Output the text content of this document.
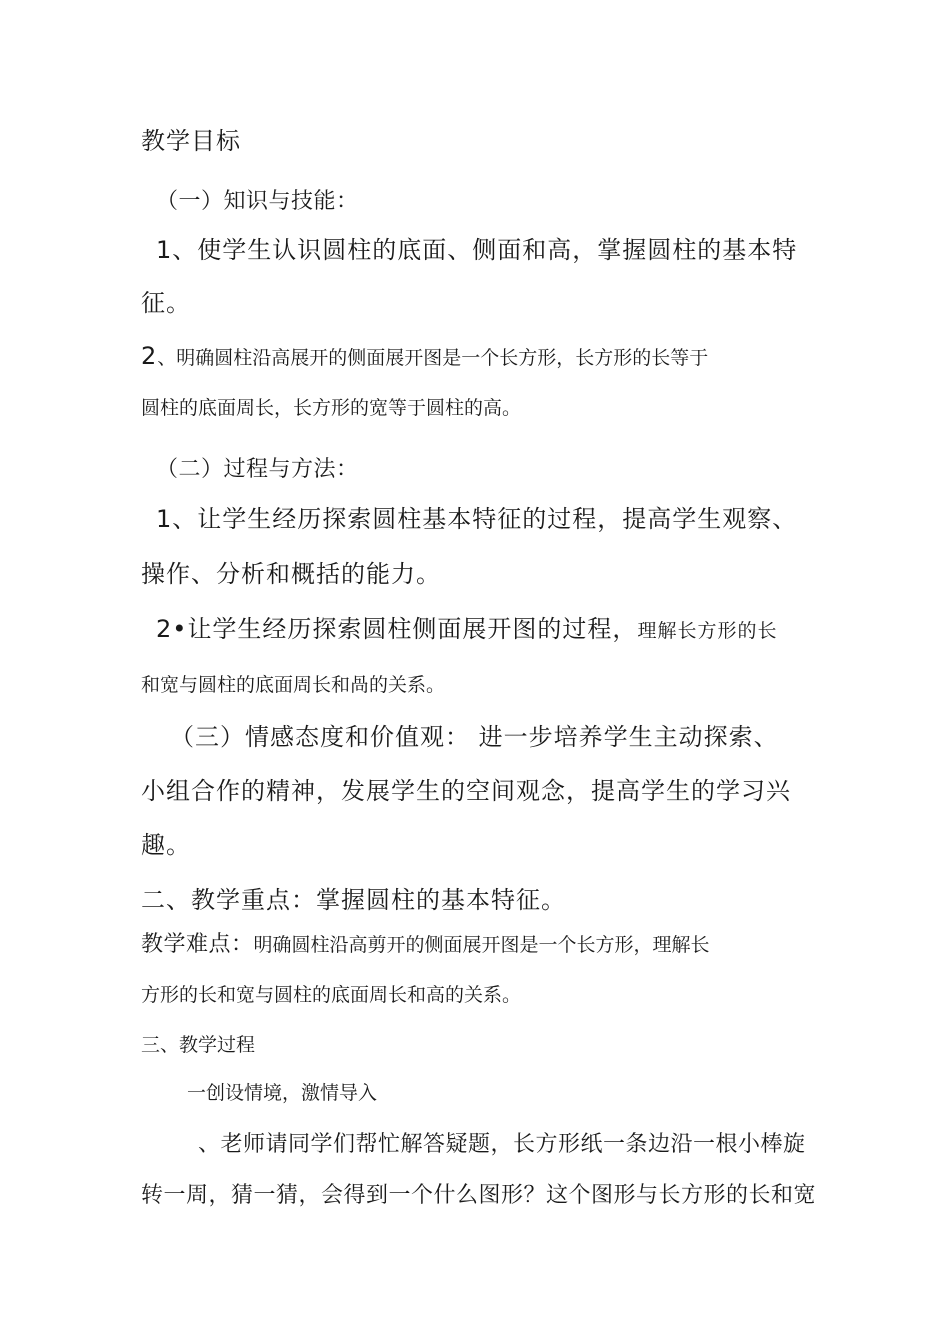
教学目标
（一）知识与技能：
1、使学生认识圆柱的底面、侧面和高，掌握圆柱的基本特
征。
2、明确圆柱沿高展开的侧面展开图是一个长方形，长方形的长等于
圆柱的底面周长，长方形的宽等于圆柱的高。
（二）过程与方法：
1、让学生经历探索圆柱基本特征的过程，提高学生观察、
操作、分析和概括的能力。
2•让学生经历探索圆柱侧面展开图的过程，理解长方形的长
和宽与圆柱的底面周长和咼的关系。
（三）情感态度和价值观： 进一步培养学生主动探索、
小组合作的精神，发展学生的空间观念，提高学生的学习兴
趣。
二、教学重点：掌握圆柱的基本特征。
教学难点：明确圆柱沿高剪开的侧面展开图是一个长方形，理解长
方形的长和宽与圆柱的底面周长和高的关系。
三、教学过程
一创设情境，激情导入
、老师请同学们帮忙解答疑题，长方形纸一条边沿一根小棒旋
转一周，猜一猜，会得到一个什么图形？这个图形与长方形的长和宽
